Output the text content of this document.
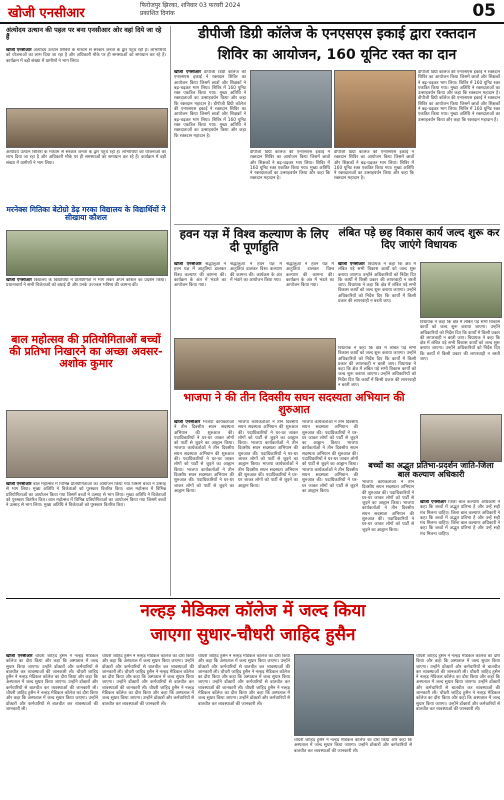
खोजी एनसीआर
फिरोजपुर झिरका, शनिवार 03 फरवरी 2024
प्रकाशित दिनांक	05
अंत्योदय उत्थान की पहल पर बना एनसीआर ओर वहां दिये जा रहे हैं
खोजी एनसीआर अंत्योदय उत्थान शिविरों के माध्यम से सरकार जनता के द्वार पहुंच रही है। लाभार्थियों को योजनाओं का लाभ दिया जा रहा है और अधिकारी मौके पर ही समस्याओं का समाधान कर रहे हैं। कार्यक्रम में बड़ी संख्या में ग्रामीणों ने भाग लिया।
अंत्योदय उत्थान शिविरों के माध्यम से सरकार जनता के द्वार पहुंच रही है। लाभार्थियों को योजनाओं का लाभ दिया जा रहा है और अधिकारी मौके पर ही समस्याओं का समाधान कर रहे हैं। कार्यक्रम में बड़ी संख्या में ग्रामीणों ने भाग लिया।
मरनेक्स गितिका बेटोग्रो डेढ़ गरका विद्यालय के विद्यार्थियों ने सीखाया कौशल
खोजी एनसीआर विद्यालय के विद्यार्थियों ने प्रतियोगिता में भाग लेकर अपने कौशल का प्रदर्शन किया। प्रधानाचार्य ने सभी विजेताओं को बधाई दी और उनके उज्ज्वल भविष्य की कामना की।
बाल महोत्सव की प्रतियोगिताओं बच्चों की प्रतिभा निखारने का अच्छा अवसर-अशोक कुमार
खोजी एनसीआर बाल महोत्सव में विभिन्न प्रतियोगिताओं का आयोजन किया गया जिसमें बच्चों ने उत्साह से भाग लिया। मुख्य अतिथि ने विजेताओं को पुरस्कार वितरित किए। बाल महोत्सव में विभिन्न प्रतियोगिताओं का आयोजन किया गया जिसमें बच्चों ने उत्साह से भाग लिया। मुख्य अतिथि ने विजेताओं को पुरस्कार वितरित किए। बाल महोत्सव में विभिन्न प्रतियोगिताओं का आयोजन किया गया जिसमें बच्चों ने उत्साह से भाग लिया। मुख्य अतिथि ने विजेताओं को पुरस्कार वितरित किए।
डीपीजी डिग्री कॉलेज के एनएसएस इकाई द्वारा रक्तदान
शिविर का आयोजन, 160 यूनिट रक्त का दान
खोजी एनसीआर डीपीजी डिग्री कॉलेज की एनएसएस इकाई ने रक्तदान शिविर का आयोजन किया जिसमें छात्रों और शिक्षकों ने बढ़-चढ़कर भाग लिया। शिविर में 160 यूनिट रक्त एकत्रित किया गया। मुख्य अतिथि ने रक्तदाताओं का उत्साहवर्धन किया और कहा कि रक्तदान महादान है। डीपीजी डिग्री कॉलेज की एनएसएस इकाई ने रक्तदान शिविर का आयोजन किया जिसमें छात्रों और शिक्षकों ने बढ़-चढ़कर भाग लिया। शिविर में 160 यूनिट रक्त एकत्रित किया गया। मुख्य अतिथि ने रक्तदाताओं का उत्साहवर्धन किया और कहा कि रक्तदान महादान है।
डीपीजी डिग्री कॉलेज की एनएसएस इकाई ने रक्तदान शिविर का आयोजन किया जिसमें छात्रों और शिक्षकों ने बढ़-चढ़कर भाग लिया। शिविर में 160 यूनिट रक्त एकत्रित किया गया। मुख्य अतिथि ने रक्तदाताओं का उत्साहवर्धन किया और कहा कि रक्तदान महादान है। डीपीजी डिग्री कॉलेज की एनएसएस इकाई ने रक्तदान शिविर का आयोजन किया जिसमें छात्रों और शिक्षकों ने बढ़-चढ़कर भाग लिया। शिविर में 160 यूनिट रक्त एकत्रित किया गया। मुख्य अतिथि ने रक्तदाताओं का उत्साहवर्धन किया और कहा कि रक्तदान महादान है।
डीपीजी डिग्री कॉलेज की एनएसएस इकाई ने रक्तदान शिविर का आयोजन किया जिसमें छात्रों और शिक्षकों ने बढ़-चढ़कर भाग लिया। शिविर में 160 यूनिट रक्त एकत्रित किया गया। मुख्य अतिथि ने रक्तदाताओं का उत्साहवर्धन किया और कहा कि रक्तदान महादान है।
डीपीजी डिग्री कॉलेज की एनएसएस इकाई ने रक्तदान शिविर का आयोजन किया जिसमें छात्रों और शिक्षकों ने बढ़-चढ़कर भाग लिया। शिविर में 160 यूनिट रक्त एकत्रित किया गया। मुख्य अतिथि ने रक्तदाताओं का उत्साहवर्धन किया और कहा कि रक्तदान महादान है।
हवन यज्ञ में विश्व कल्याण के लिए दी पूर्णाहुति
खोजी एनसीआर श्रद्धालुओं ने हवन यज्ञ में आहुतियां डालकर विश्व कल्याण की कामना की। कार्यक्रम के अंत में भंडारे का आयोजन किया गया।
श्रद्धालुओं ने हवन यज्ञ में आहुतियां डालकर विश्व कल्याण की कामना की। कार्यक्रम के अंत में भंडारे का आयोजन किया गया।
श्रद्धालुओं ने हवन यज्ञ में आहुतियां डालकर विश्व कल्याण की कामना की। कार्यक्रम के अंत में भंडारे का आयोजन किया गया।
लंबित पड़े छह विकास कार्य जल्द शुरू कर दिए जाएंगे विधायक
खोजी एनसीआर विधायक ने कहा कि क्षेत्र में लंबित पड़े सभी विकास कार्यों को जल्द शुरू कराया जाएगा। उन्होंने अधिकारियों को निर्देश दिए कि कार्यों में किसी प्रकार की लापरवाही न बरती जाए। विधायक ने कहा कि क्षेत्र में लंबित पड़े सभी विकास कार्यों को जल्द शुरू कराया जाएगा। उन्होंने अधिकारियों को निर्देश दिए कि कार्यों में किसी प्रकार की लापरवाही न बरती जाए।
विधायक ने कहा कि क्षेत्र में लंबित पड़े सभी विकास कार्यों को जल्द शुरू कराया जाएगा। उन्होंने अधिकारियों को निर्देश दिए कि कार्यों में किसी प्रकार की लापरवाही न बरती जाए। विधायक ने कहा कि क्षेत्र में लंबित पड़े सभी विकास कार्यों को जल्द शुरू कराया जाएगा। उन्होंने अधिकारियों को निर्देश दिए कि कार्यों में किसी प्रकार की लापरवाही न बरती जाए।
विधायक ने कहा कि क्षेत्र में लंबित पड़े सभी विकास कार्यों को जल्द शुरू कराया जाएगा। उन्होंने अधिकारियों को निर्देश दिए कि कार्यों में किसी प्रकार की लापरवाही न बरती जाए। विधायक ने कहा कि क्षेत्र में लंबित पड़े सभी विकास कार्यों को जल्द शुरू कराया जाएगा। उन्होंने अधिकारियों को निर्देश दिए कि कार्यों में किसी प्रकार की लापरवाही न बरती जाए।
भाजपा ने की तीन दिवसीय सघन सदस्यता अभियान की शुरुआत
खोजी एनसीआर भाजपा कार्यकर्ताओं ने तीन दिवसीय सघन सदस्यता अभियान की शुरुआत की। पदाधिकारियों ने घर-घर जाकर लोगों को पार्टी से जुड़ने का आह्वान किया। भाजपा कार्यकर्ताओं ने तीन दिवसीय सघन सदस्यता अभियान की शुरुआत की। पदाधिकारियों ने घर-घर जाकर लोगों को पार्टी से जुड़ने का आह्वान किया। भाजपा कार्यकर्ताओं ने तीन दिवसीय सघन सदस्यता अभियान की शुरुआत की। पदाधिकारियों ने घर-घर जाकर लोगों को पार्टी से जुड़ने का आह्वान किया।
भाजपा कार्यकर्ताओं ने तीन दिवसीय सघन सदस्यता अभियान की शुरुआत की। पदाधिकारियों ने घर-घर जाकर लोगों को पार्टी से जुड़ने का आह्वान किया। भाजपा कार्यकर्ताओं ने तीन दिवसीय सघन सदस्यता अभियान की शुरुआत की। पदाधिकारियों ने घर-घर जाकर लोगों को पार्टी से जुड़ने का आह्वान किया। भाजपा कार्यकर्ताओं ने तीन दिवसीय सघन सदस्यता अभियान की शुरुआत की। पदाधिकारियों ने घर-घर जाकर लोगों को पार्टी से जुड़ने का आह्वान किया।
भाजपा कार्यकर्ताओं ने तीन दिवसीय सघन सदस्यता अभियान की शुरुआत की। पदाधिकारियों ने घर-घर जाकर लोगों को पार्टी से जुड़ने का आह्वान किया। भाजपा कार्यकर्ताओं ने तीन दिवसीय सघन सदस्यता अभियान की शुरुआत की। पदाधिकारियों ने घर-घर जाकर लोगों को पार्टी से जुड़ने का आह्वान किया। भाजपा कार्यकर्ताओं ने तीन दिवसीय सघन सदस्यता अभियान की शुरुआत की। पदाधिकारियों ने घर-घर जाकर लोगों को पार्टी से जुड़ने का आह्वान किया।
भाजपा कार्यकर्ताओं ने तीन दिवसीय सघन सदस्यता अभियान की शुरुआत की। पदाधिकारियों ने घर-घर जाकर लोगों को पार्टी से जुड़ने का आह्वान किया। भाजपा कार्यकर्ताओं ने तीन दिवसीय सघन सदस्यता अभियान की शुरुआत की। पदाधिकारियों ने घर-घर जाकर लोगों को पार्टी से जुड़ने का आह्वान किया।
बच्चों का अद्भुत प्रतिभा-प्रदर्शन जाति-जिला बाल कल्याण अधिकारी
खोजी एनसीआर जिला बाल कल्याण अधिकारी ने कहा कि बच्चों में अद्भुत प्रतिभा है और उन्हें सही मंच मिलना चाहिए। जिला बाल कल्याण अधिकारी ने कहा कि बच्चों में अद्भुत प्रतिभा है और उन्हें सही मंच मिलना चाहिए। जिला बाल कल्याण अधिकारी ने कहा कि बच्चों में अद्भुत प्रतिभा है और उन्हें सही मंच मिलना चाहिए।
नल्हड़ मेडिकल कॉलेज में जल्द किया
जाएगा सुधार-चौधरी जाहिद हुसैन
खोजी एनसीआर चौधरी जाहिद हुसैन ने नल्हड़ मेडिकल कॉलेज का दौरा किया और कहा कि अस्पताल में जल्द सुधार किया जाएगा। उन्होंने डॉक्टरों और कर्मचारियों से बातचीत कर व्यवस्थाओं की जानकारी ली। चौधरी जाहिद हुसैन ने नल्हड़ मेडिकल कॉलेज का दौरा किया और कहा कि अस्पताल में जल्द सुधार किया जाएगा। उन्होंने डॉक्टरों और कर्मचारियों से बातचीत कर व्यवस्थाओं की जानकारी ली। चौधरी जाहिद हुसैन ने नल्हड़ मेडिकल कॉलेज का दौरा किया और कहा कि अस्पताल में जल्द सुधार किया जाएगा। उन्होंने डॉक्टरों और कर्मचारियों से बातचीत कर व्यवस्थाओं की जानकारी ली।
चौधरी जाहिद हुसैन ने नल्हड़ मेडिकल कॉलेज का दौरा किया और कहा कि अस्पताल में जल्द सुधार किया जाएगा। उन्होंने डॉक्टरों और कर्मचारियों से बातचीत कर व्यवस्थाओं की जानकारी ली। चौधरी जाहिद हुसैन ने नल्हड़ मेडिकल कॉलेज का दौरा किया और कहा कि अस्पताल में जल्द सुधार किया जाएगा। उन्होंने डॉक्टरों और कर्मचारियों से बातचीत कर व्यवस्थाओं की जानकारी ली। चौधरी जाहिद हुसैन ने नल्हड़ मेडिकल कॉलेज का दौरा किया और कहा कि अस्पताल में जल्द सुधार किया जाएगा। उन्होंने डॉक्टरों और कर्मचारियों से बातचीत कर व्यवस्थाओं की जानकारी ली।
चौधरी जाहिद हुसैन ने नल्हड़ मेडिकल कॉलेज का दौरा किया और कहा कि अस्पताल में जल्द सुधार किया जाएगा। उन्होंने डॉक्टरों और कर्मचारियों से बातचीत कर व्यवस्थाओं की जानकारी ली। चौधरी जाहिद हुसैन ने नल्हड़ मेडिकल कॉलेज का दौरा किया और कहा कि अस्पताल में जल्द सुधार किया जाएगा। उन्होंने डॉक्टरों और कर्मचारियों से बातचीत कर व्यवस्थाओं की जानकारी ली। चौधरी जाहिद हुसैन ने नल्हड़ मेडिकल कॉलेज का दौरा किया और कहा कि अस्पताल में जल्द सुधार किया जाएगा। उन्होंने डॉक्टरों और कर्मचारियों से बातचीत कर व्यवस्थाओं की जानकारी ली।
चौधरी जाहिद हुसैन ने नल्हड़ मेडिकल कॉलेज का दौरा किया और कहा कि अस्पताल में जल्द सुधार किया जाएगा। उन्होंने डॉक्टरों और कर्मचारियों से बातचीत कर व्यवस्थाओं की जानकारी ली।
चौधरी जाहिद हुसैन ने नल्हड़ मेडिकल कॉलेज का दौरा किया और कहा कि अस्पताल में जल्द सुधार किया जाएगा। उन्होंने डॉक्टरों और कर्मचारियों से बातचीत कर व्यवस्थाओं की जानकारी ली। चौधरी जाहिद हुसैन ने नल्हड़ मेडिकल कॉलेज का दौरा किया और कहा कि अस्पताल में जल्द सुधार किया जाएगा। उन्होंने डॉक्टरों और कर्मचारियों से बातचीत कर व्यवस्थाओं की जानकारी ली। चौधरी जाहिद हुसैन ने नल्हड़ मेडिकल कॉलेज का दौरा किया और कहा कि अस्पताल में जल्द सुधार किया जाएगा। उन्होंने डॉक्टरों और कर्मचारियों से बातचीत कर व्यवस्थाओं की जानकारी ली।
